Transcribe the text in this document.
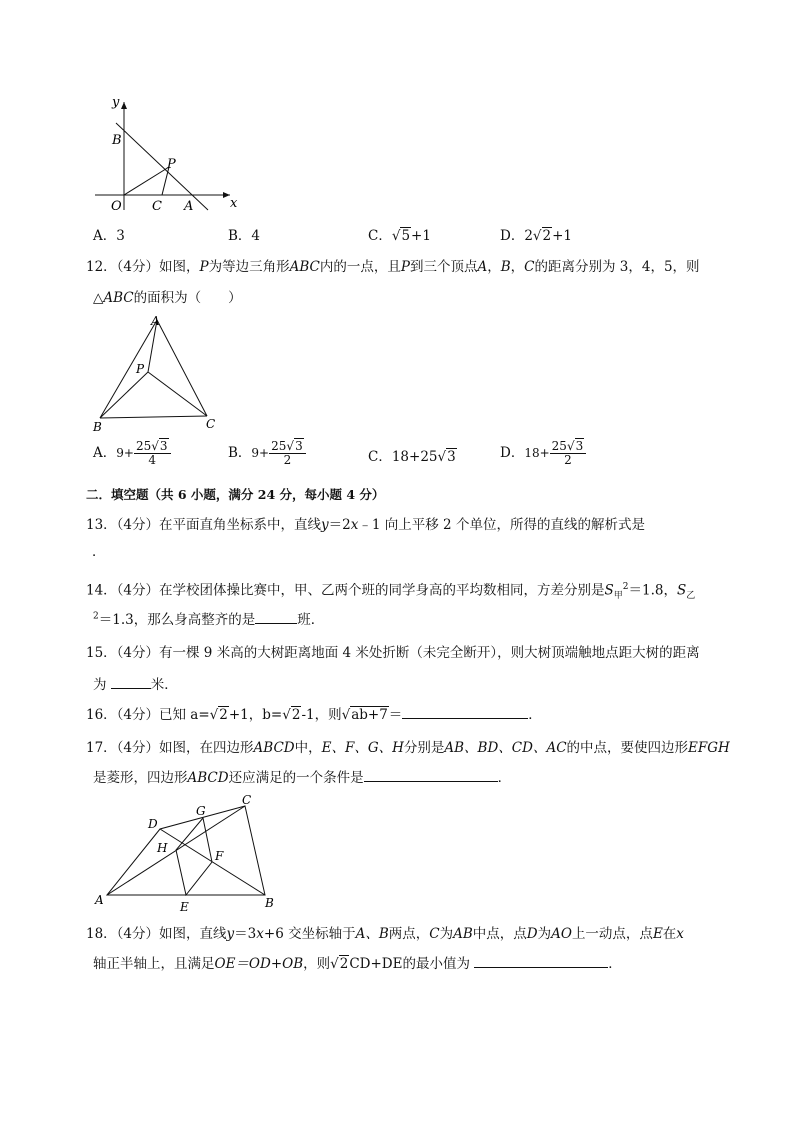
y
x
B
P
O C A
A．3	B．4	C．√5+1	D．2√2+1
12．（4分）如图，P为等边三角形ABC内的一点，且P到三个顶点A，B，C的距离分别为 3，4，5，则
△ABC的面积为（　　）
A
P
B	C
A．$9+ \frac{25√3}{4}$	B．$9+ \frac{25√3}{2}$	C．18+25√3	D．$18+ \frac{25√3}{2}$
二．填空题（共 6 小题，满分 24 分，每小题 4 分）
13．（4分）在平面直角坐标系中，直线y＝2x﹣1 向上平移 2 个单位，所得的直线的解析式是
．
14．（4分）在学校团体操比赛中，甲、乙两个班的同学身高的平均数相同，方差分别是$S_甲^2=1.8$，$S_乙$
$^2$＝1.3，那么身高整齐的是	班．
15．（4分）有一棵 9 米高的大树距离地面 4 米处折断（未完全断开），则大树顶端触地点距大树的距离
为	米．
16．（4分）已知 a=√2+1，b=√2-1，则√ab+7＝	．
17．（4分）如图，在四边形ABCD中，E、F、G、H分别是AB、BD、CD、AC的中点，要使四边形EFGH
是菱形，四边形ABCD还应满足的一个条件是	．
D
G
C
H
F
A	E	B
18．（4分）如图，直线y＝3x+6 交坐标轴于A、B两点，C为AB中点，点D为AO上一动点，点E在x
轴正半轴上，且满足OE＝OD+OB，则√2CD+DE的最小值为	．
